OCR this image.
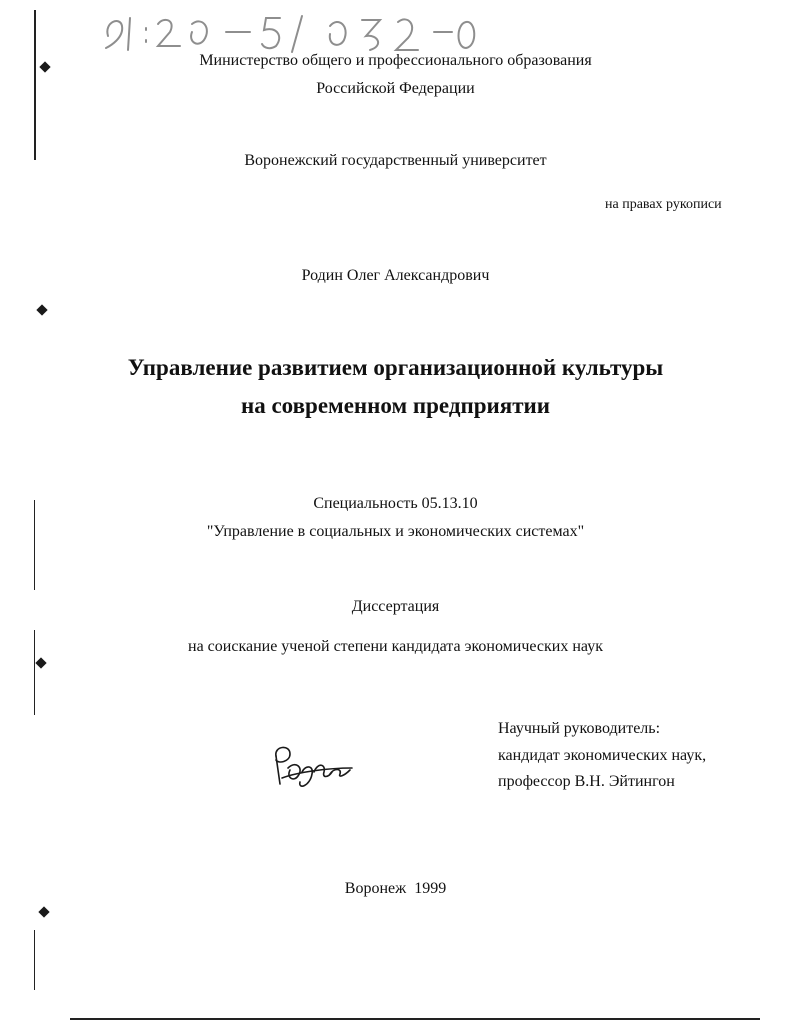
Министерство общего и профессионального образования
Российской Федерации
Воронежский государственный университет
на правах рукописи
Родин Олег Александрович
Управление развитием организационной культуры
на современном предприятии
Специальность 05.13.10
"Управление в социальных и экономических системах"
Диссертация
на соискание ученой степени кандидата экономических наук
Научный руководитель:
кандидат экономических наук,
профессор В.Н. Эйтингон
Воронеж  1999
